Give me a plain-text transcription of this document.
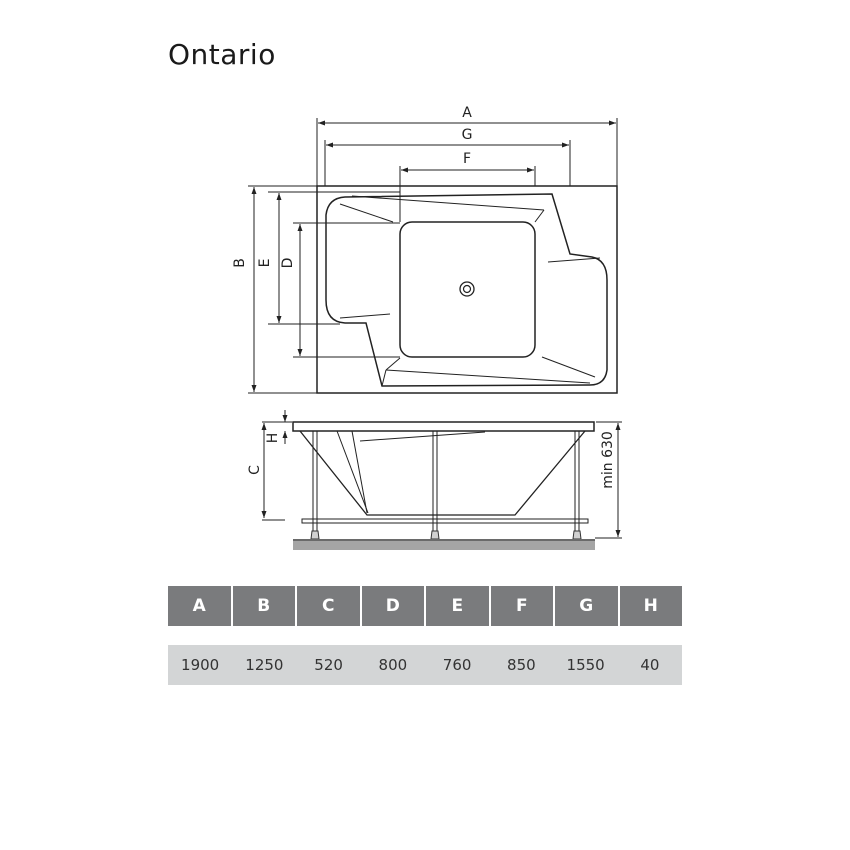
Ontario
A
G
F
B E D
H
C	min 630
A	B	C	D	E	F	G	H
1900	1250	520	800	760	850	1550	40
